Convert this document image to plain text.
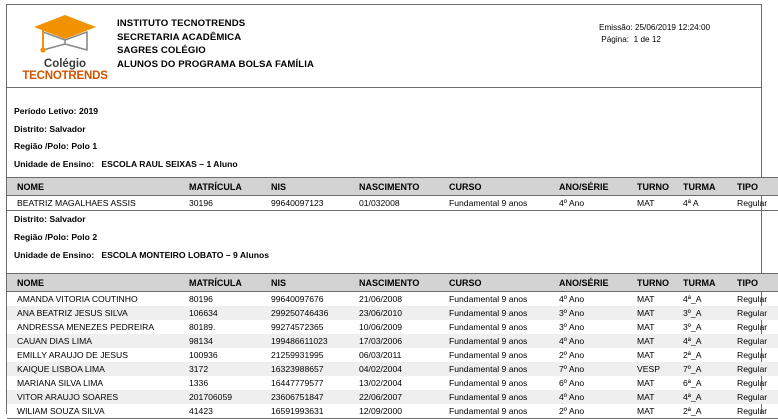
Colégio
TECNOTRENDS
INSTITUTO TECNOTRENDS
SECRETARIA ACADÊMICA
SAGRES COLÉGIO
ALUNOS DO PROGRAMA BOLSA FAMÍLIA
Emissão: 25/06/2019 12:24:00
Página: 1 de 12
Período Letivo: 2019
Distrito: Salvador
Região /Polo: Polo 1
Unidade de Ensino: ESCOLA RAUL SEIXAS – 1 Aluno
NOME	MATRÍCULA	NIS	NASCIMENTO	CURSO	ANO/SÉRIE	TURNO	TURMA	TIPO
BEATRIZ MAGALHAES ASSIS	30196	99640097123	01/032008	Fundamental 9 anos	4º Ano	MAT	4ª A	Regular
Distrito: Salvador
Região /Polo: Polo 2
Unidade de Ensino: ESCOLA MONTEIRO LOBATO – 9 Alunos
NOME	MATRÍCULA	NIS	NASCIMENTO	CURSO	ANO/SÉRIE	TURNO	TURMA	TIPO
AMANDA VITORIA COUTINHO	80196	99640097676	21/06/2008	Fundamental 9 anos	4º Ano	MAT	4ª_A	Regular
ANA BEATRIZ JESUS SILVA	106634	299250746436	23/06/2010	Fundamental 9 anos	3º Ano	MAT	3º_A	Regular
ANDRESSA MENEZES PEDREIRA	80189.	99274572365	10/06/2009	Fundamental 9 anos	3º Ano	MAT	3º_A	Regular
CAUAN DIAS LIMA	98134	199486611023	17/03/2006	Fundamental 9 anos	4º Ano	MAT	4ª_A	Regular
EMILLY ARAUJO DE JESUS	100936	21259931995	06/03/2011	Fundamental 9 anos	2º Ano	MAT	2ª_A	Regular
KAIQUE LISBOA LIMA	3172	16323988657	04/02/2004	Fundamental 9 anos	7º Ano	VESP	7º_A	Regular
MARIANA SILVA LIMA	1336	16447779577	13/02/2004	Fundamental 9 anos	6º Ano	MAT	6ª_A	Regular
VITOR ARAUJO SOARES	201706059	23606751847	22/06/2007	Fundamental 9 anos	4º Ano	MAT	4ª_A	Regular
WILIAM SOUZA SILVA	41423	16591993631	12/09/2000	Fundamental 9 anos	2º Ano	MAT	2ª_A	Regular
